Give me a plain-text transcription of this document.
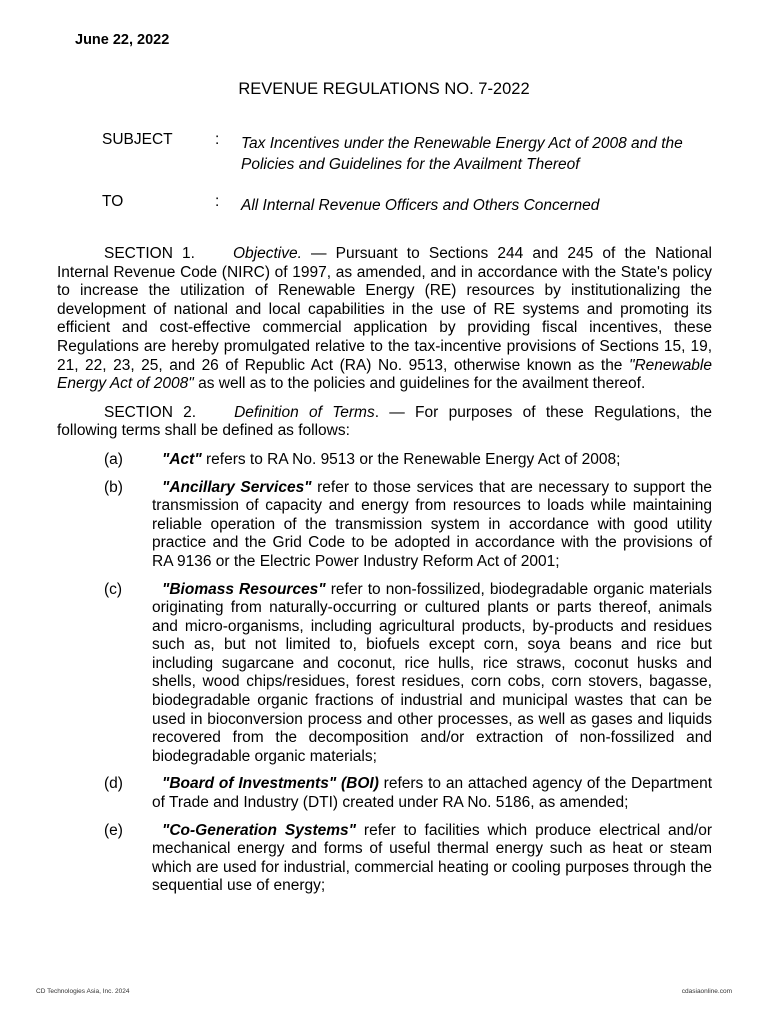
June 22, 2022
REVENUE REGULATIONS NO. 7-2022
SUBJECT	: Tax Incentives under the Renewable Energy Act of 2008 and the Policies and Guidelines for the Availment Thereof
TO	: All Internal Revenue Officers and Others Concerned

SECTION 1. Objective. — Pursuant to Sections 244 and 245 of the National Internal Revenue Code (NIRC) of 1997, as amended, and in accordance with the State's policy to increase the utilization of Renewable Energy (RE) resources by institutionalizing the development of national and local capabilities in the use of RE systems and promoting its efficient and cost-effective commercial application by providing fiscal incentives, these Regulations are hereby promulgated relative to the tax-incentive provisions of Sections 15, 19, 21, 22, 23, 25, and 26 of Republic Act (RA) No. 9513, otherwise known as the "Renewable Energy Act of 2008" as well as to the policies and guidelines for the availment thereof.

SECTION 2. Definition of Terms. — For purposes of these Regulations, the following terms shall be defined as follows:

(a)	"Act" refers to RA No. 9513 or the Renewable Energy Act of 2008;
(b)	"Ancillary Services" refer to those services that are necessary to support the transmission of capacity and energy from resources to loads while maintaining reliable operation of the transmission system in accordance with good utility practice and the Grid Code to be adopted in accordance with the provisions of RA 9136 or the Electric Power Industry Reform Act of 2001;
(c)	"Biomass Resources" refer to non-fossilized, biodegradable organic materials originating from naturally-occurring or cultured plants or parts thereof, animals and micro-organisms, including agricultural products, by-products and residues such as, but not limited to, biofuels except corn, soya beans and rice but including sugarcane and coconut, rice hulls, rice straws, coconut husks and shells, wood chips/residues, forest residues, corn cobs, corn stovers, bagasse, biodegradable organic fractions of industrial and municipal wastes that can be used in bioconversion process and other processes, as well as gases and liquids recovered from the decomposition and/or extraction of non-fossilized and biodegradable organic materials;
(d)	"Board of Investments" (BOI) refers to an attached agency of the Department of Trade and Industry (DTI) created under RA No. 5186, as amended;
(e)	"Co-Generation Systems" refer to facilities which produce electrical and/or mechanical energy and forms of useful thermal energy such as heat or steam which are used for industrial, commercial heating or cooling purposes through the sequential use of energy;
CD Technologies Asia, Inc. 2024	cdasiaonline.com
